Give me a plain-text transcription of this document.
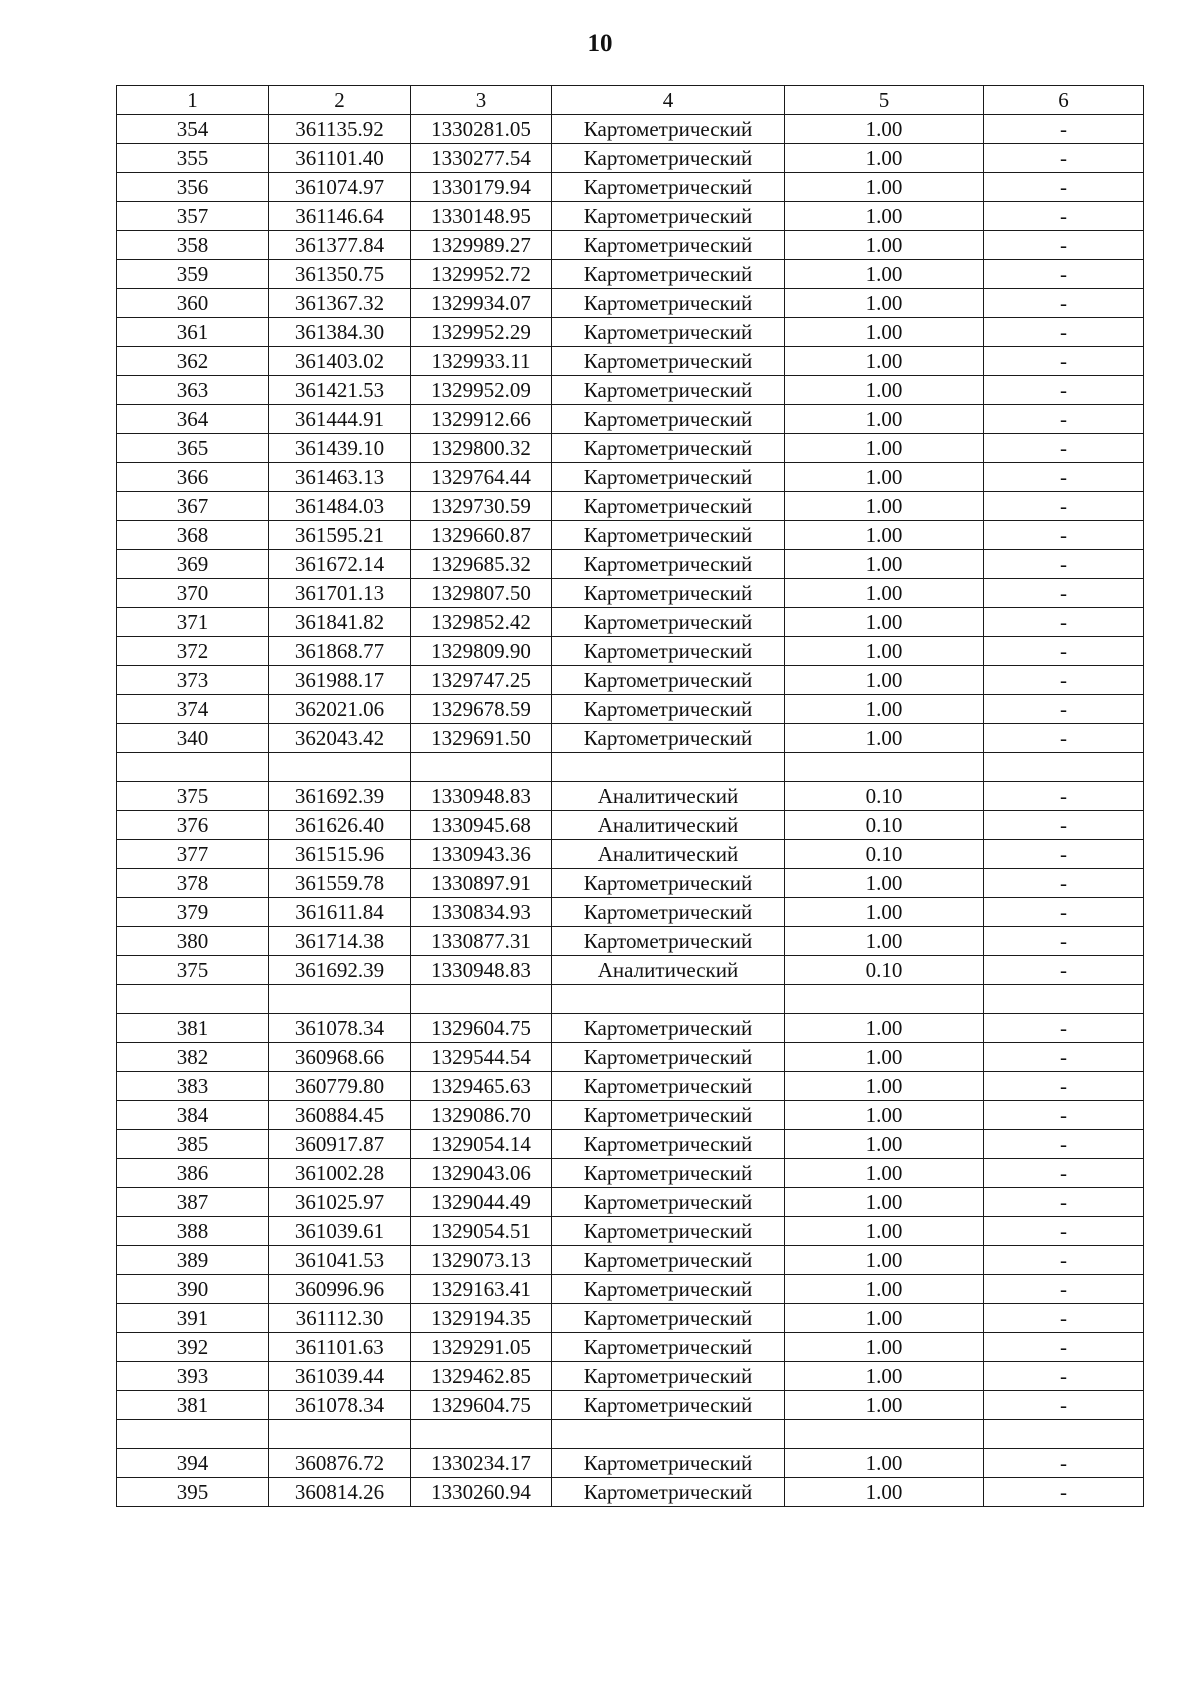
10
1	2	3	4	5	6
354	361135.92	1330281.05	Картометрический	1.00	-
355	361101.40	1330277.54	Картометрический	1.00	-
356	361074.97	1330179.94	Картометрический	1.00	-
357	361146.64	1330148.95	Картометрический	1.00	-
358	361377.84	1329989.27	Картометрический	1.00	-
359	361350.75	1329952.72	Картометрический	1.00	-
360	361367.32	1329934.07	Картометрический	1.00	-
361	361384.30	1329952.29	Картометрический	1.00	-
362	361403.02	1329933.11	Картометрический	1.00	-
363	361421.53	1329952.09	Картометрический	1.00	-
364	361444.91	1329912.66	Картометрический	1.00	-
365	361439.10	1329800.32	Картометрический	1.00	-
366	361463.13	1329764.44	Картометрический	1.00	-
367	361484.03	1329730.59	Картометрический	1.00	-
368	361595.21	1329660.87	Картометрический	1.00	-
369	361672.14	1329685.32	Картометрический	1.00	-
370	361701.13	1329807.50	Картометрический	1.00	-
371	361841.82	1329852.42	Картометрический	1.00	-
372	361868.77	1329809.90	Картометрический	1.00	-
373	361988.17	1329747.25	Картометрический	1.00	-
374	362021.06	1329678.59	Картометрический	1.00	-
340	362043.42	1329691.50	Картометрический	1.00	-

375	361692.39	1330948.83	Аналитический	0.10	-
376	361626.40	1330945.68	Аналитический	0.10	-
377	361515.96	1330943.36	Аналитический	0.10	-
378	361559.78	1330897.91	Картометрический	1.00	-
379	361611.84	1330834.93	Картометрический	1.00	-
380	361714.38	1330877.31	Картометрический	1.00	-
375	361692.39	1330948.83	Аналитический	0.10	-

381	361078.34	1329604.75	Картометрический	1.00	-
382	360968.66	1329544.54	Картометрический	1.00	-
383	360779.80	1329465.63	Картометрический	1.00	-
384	360884.45	1329086.70	Картометрический	1.00	-
385	360917.87	1329054.14	Картометрический	1.00	-
386	361002.28	1329043.06	Картометрический	1.00	-
387	361025.97	1329044.49	Картометрический	1.00	-
388	361039.61	1329054.51	Картометрический	1.00	-
389	361041.53	1329073.13	Картометрический	1.00	-
390	360996.96	1329163.41	Картометрический	1.00	-
391	361112.30	1329194.35	Картометрический	1.00	-
392	361101.63	1329291.05	Картометрический	1.00	-
393	361039.44	1329462.85	Картометрический	1.00	-
381	361078.34	1329604.75	Картометрический	1.00	-

394	360876.72	1330234.17	Картометрический	1.00	-
395	360814.26	1330260.94	Картометрический	1.00	-
